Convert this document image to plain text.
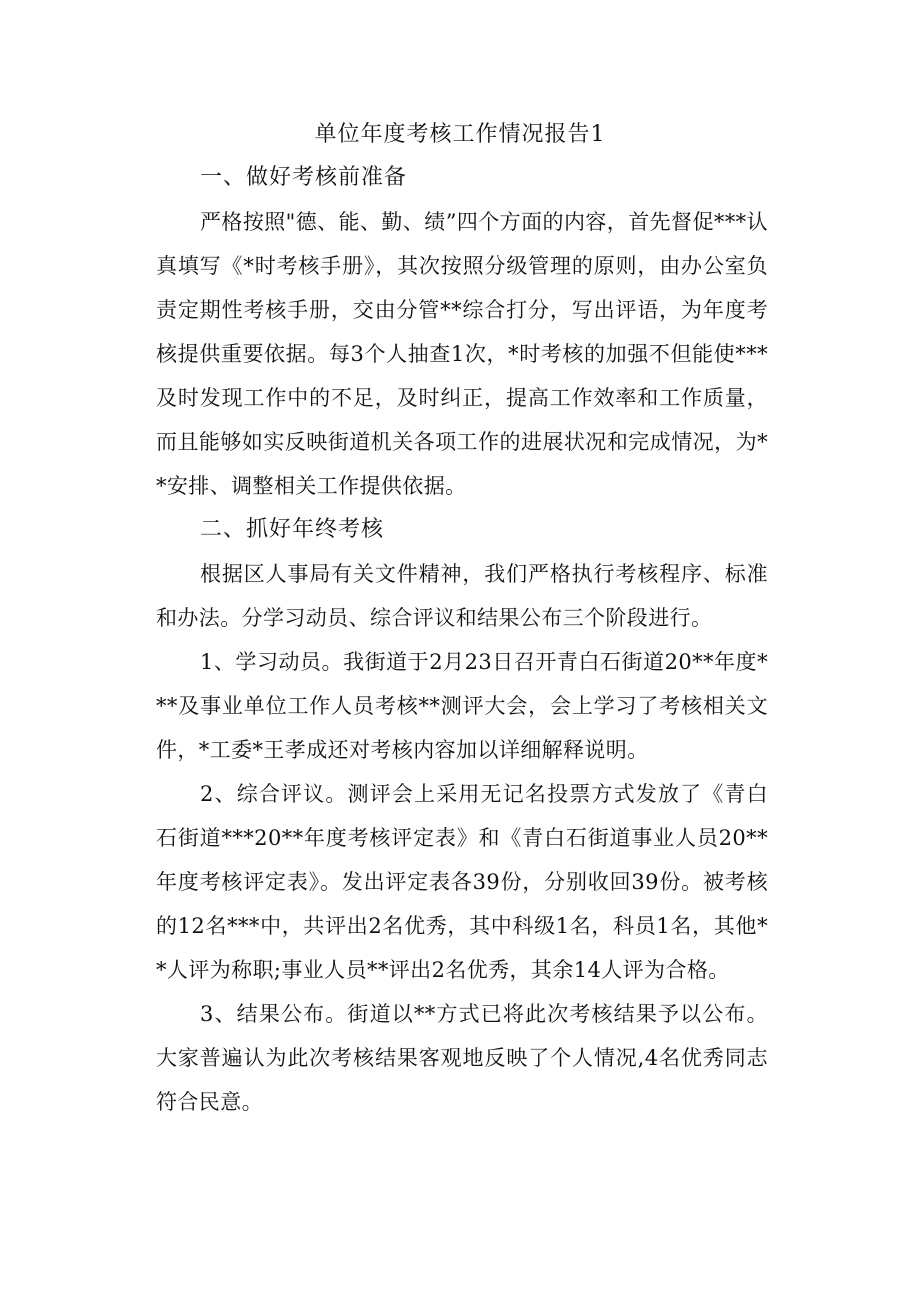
单位年度考核工作情况报告1
一、做好考核前准备

严格按照"德、能、勤、绩”四个方面的内容，首先督促***认真填写《*时考核手册》，其次按照分级管理的原则，由办公室负责定期性考核手册，交由分管**综合打分，写出评语，为年度考核提供重要依据。每3个人抽查1次，*时考核的加强不但能使***及时发现工作中的不足，及时纠正，提高工作效率和工作质量，而且能够如实反映街道机关各项工作的进展状况和完成情况，为**安排、调整相关工作提供依据。

二、抓好年终考核

根据区人事局有关文件精神，我们严格执行考核程序、标准和办法。分学习动员、综合评议和结果公布三个阶段进行。

1、学习动员。我街道于2月23日召开青白石街道20**年度***及事业单位工作人员考核**测评大会，会上学习了考核相关文件，*工委*王孝成还对考核内容加以详细解释说明。

2、综合评议。测评会上采用无记名投票方式发放了《青白石街道***20**年度考核评定表》和《青白石街道事业人员20**年度考核评定表》。发出评定表各39份，分别收回39份。被考核的12名***中，共评出2名优秀，其中科级1名，科员1名，其他**人评为称职;事业人员**评出2名优秀，其余14人评为合格。

3、结果公布。街道以**方式已将此次考核结果予以公布。大家普遍认为此次考核结果客观地反映了个人情况,4名优秀同志符合民意。
